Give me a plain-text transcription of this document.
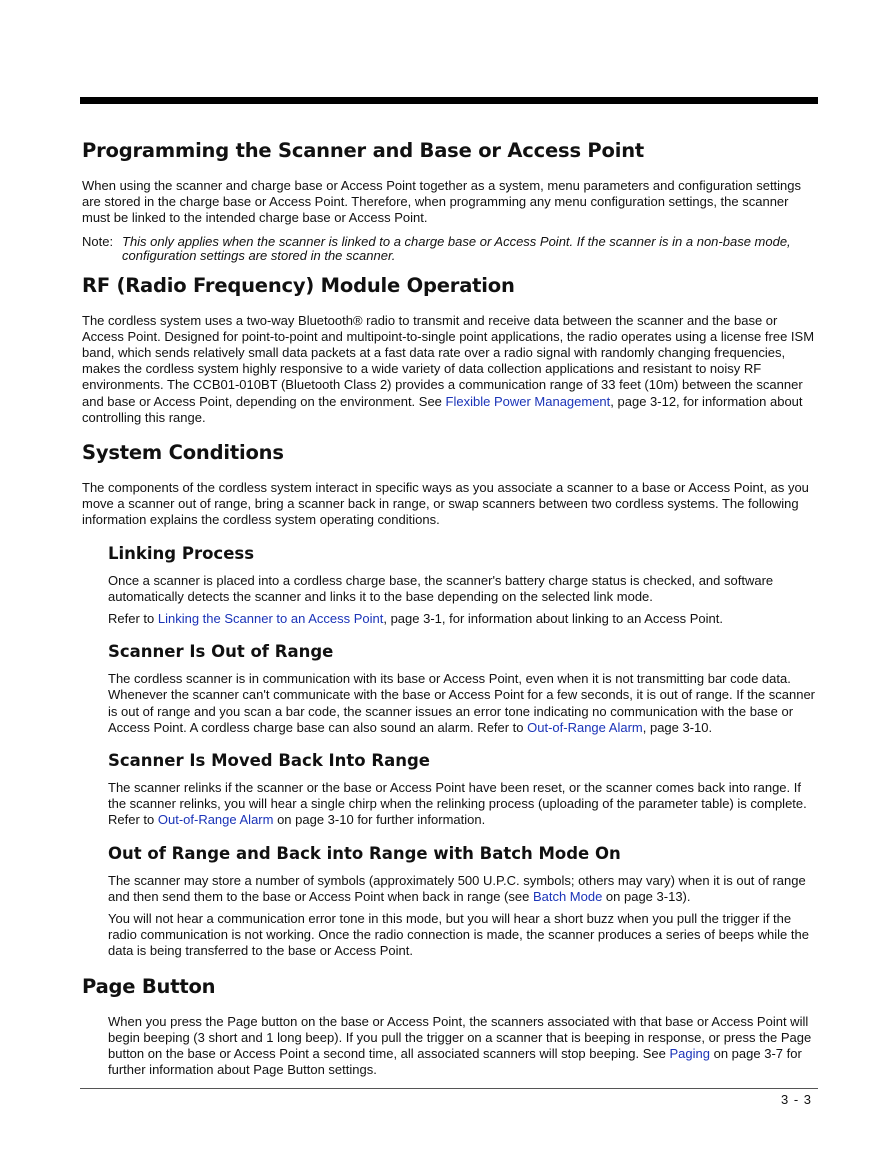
Programming the Scanner and Base or Access Point

When using the scanner and charge base or Access Point together as a system, menu parameters and configuration settings are stored in the charge base or Access Point. Therefore, when programming any menu configuration settings, the scanner must be linked to the intended charge base or Access Point.

Note: This only applies when the scanner is linked to a charge base or Access Point. If the scanner is in a non-base mode, configuration settings are stored in the scanner.
RF (Radio Frequency) Module Operation

The cordless system uses a two-way Bluetooth® radio to transmit and receive data between the scanner and the base or Access Point. Designed for point-to-point and multipoint-to-single point applications, the radio operates using a license free ISM band, which sends relatively small data packets at a fast data rate over a radio signal with randomly changing frequencies, makes the cordless system highly responsive to a wide variety of data collection applications and resistant to noisy RF environments. The CCB01-010BT (Bluetooth Class 2) provides a communication range of 33 feet (10m) between the scanner and base or Access Point, depending on the environment. See Flexible Power Management, page 3-12, for information about controlling this range.

System Conditions

The components of the cordless system interact in specific ways as you associate a scanner to a base or Access Point, as you move a scanner out of range, bring a scanner back in range, or swap scanners between two cordless systems. The following information explains the cordless system operating conditions.

Linking Process

Once a scanner is placed into a cordless charge base, the scanner's battery charge status is checked, and software automatically detects the scanner and links it to the base depending on the selected link mode.

Refer to Linking the Scanner to an Access Point, page 3-1, for information about linking to an Access Point.

Scanner Is Out of Range

The cordless scanner is in communication with its base or Access Point, even when it is not transmitting bar code data. Whenever the scanner can't communicate with the base or Access Point for a few seconds, it is out of range. If the scanner is out of range and you scan a bar code, the scanner issues an error tone indicating no communication with the base or Access Point. A cordless charge base can also sound an alarm. Refer to Out-of-Range Alarm, page 3-10.

Scanner Is Moved Back Into Range

The scanner relinks if the scanner or the base or Access Point have been reset, or the scanner comes back into range. If the scanner relinks, you will hear a single chirp when the relinking process (uploading of the parameter table) is complete. Refer to Out-of-Range Alarm on page 3-10 for further information.

Out of Range and Back into Range with Batch Mode On

The scanner may store a number of symbols (approximately 500 U.P.C. symbols; others may vary) when it is out of range and then send them to the base or Access Point when back in range (see Batch Mode on page 3-13).

You will not hear a communication error tone in this mode, but you will hear a short buzz when you pull the trigger if the radio communication is not working. Once the radio connection is made, the scanner produces a series of beeps while the data is being transferred to the base or Access Point.

Page Button

When you press the Page button on the base or Access Point, the scanners associated with that base or Access Point will begin beeping (3 short and 1 long beep). If you pull the trigger on a scanner that is beeping in response, or press the Page button on the base or Access Point a second time, all associated scanners will stop beeping. See Paging on page 3-7 for further information about Page Button settings.

3 - 3
